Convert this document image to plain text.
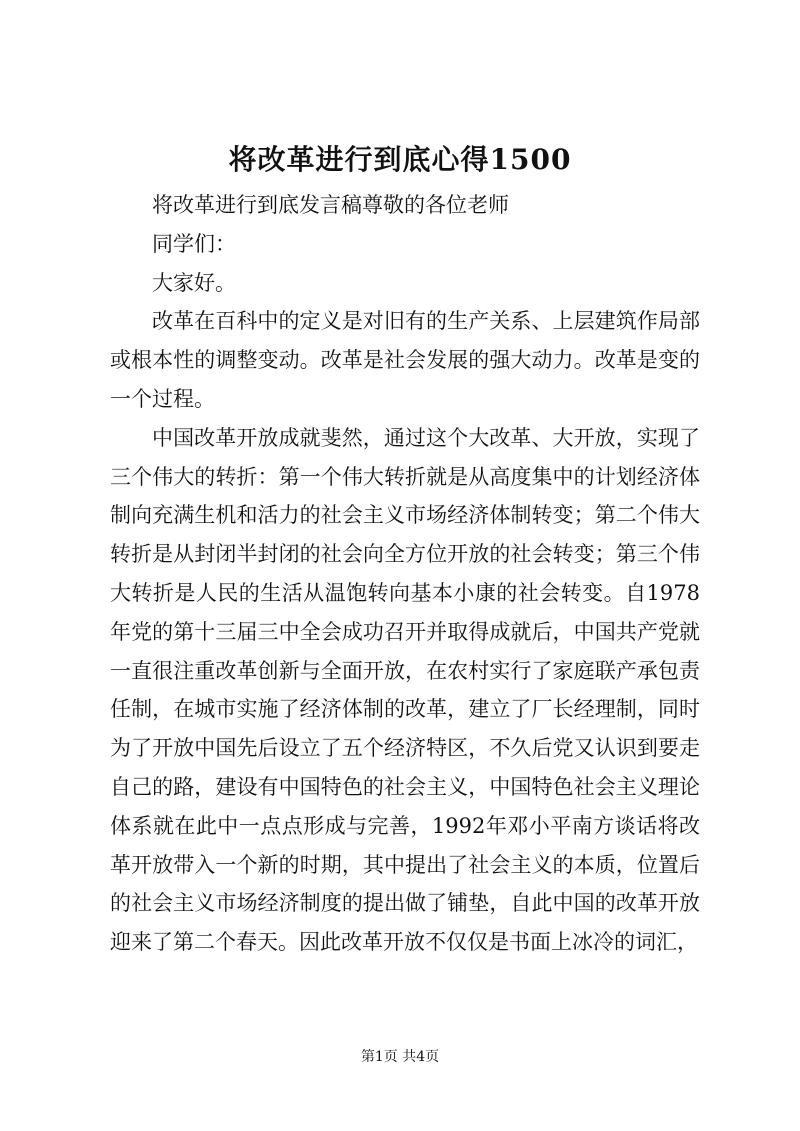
将改革进行到底心得1500

将改革进行到底发言稿尊敬的各位老师

同学们：

大家好。

改革在百科中的定义是对旧有的生产关系、上层建筑作局部或根本性的调整变动。改革是社会发展的强大动力。改革是变的一个过程。

中国改革开放成就斐然，通过这个大改革、大开放，实现了三个伟大的转折：第一个伟大转折就是从高度集中的计划经济体制向充满生机和活力的社会主义市场经济体制转变；第二个伟大转折是从封闭半封闭的社会向全方位开放的社会转变；第三个伟大转折是人民的生活从温饱转向基本小康的社会转变。自1978年党的第十三届三中全会成功召开并取得成就后，中国共产党就一直很注重改革创新与全面开放，在农村实行了家庭联产承包责任制，在城市实施了经济体制的改革，建立了厂长经理制，同时为了开放中国先后设立了五个经济特区，不久后党又认识到要走自己的路，建设有中国特色的社会主义，中国特色社会主义理论体系就在此中一点点形成与完善，1992年邓小平南方谈话将改革开放带入一个新的时期，其中提出了社会主义的本质，位置后的社会主义市场经济制度的提出做了铺垫，自此中国的改革开放迎来了第二个春天。因此改革开放不仅仅是书面上冰冷的词汇，

第1页 共4页
